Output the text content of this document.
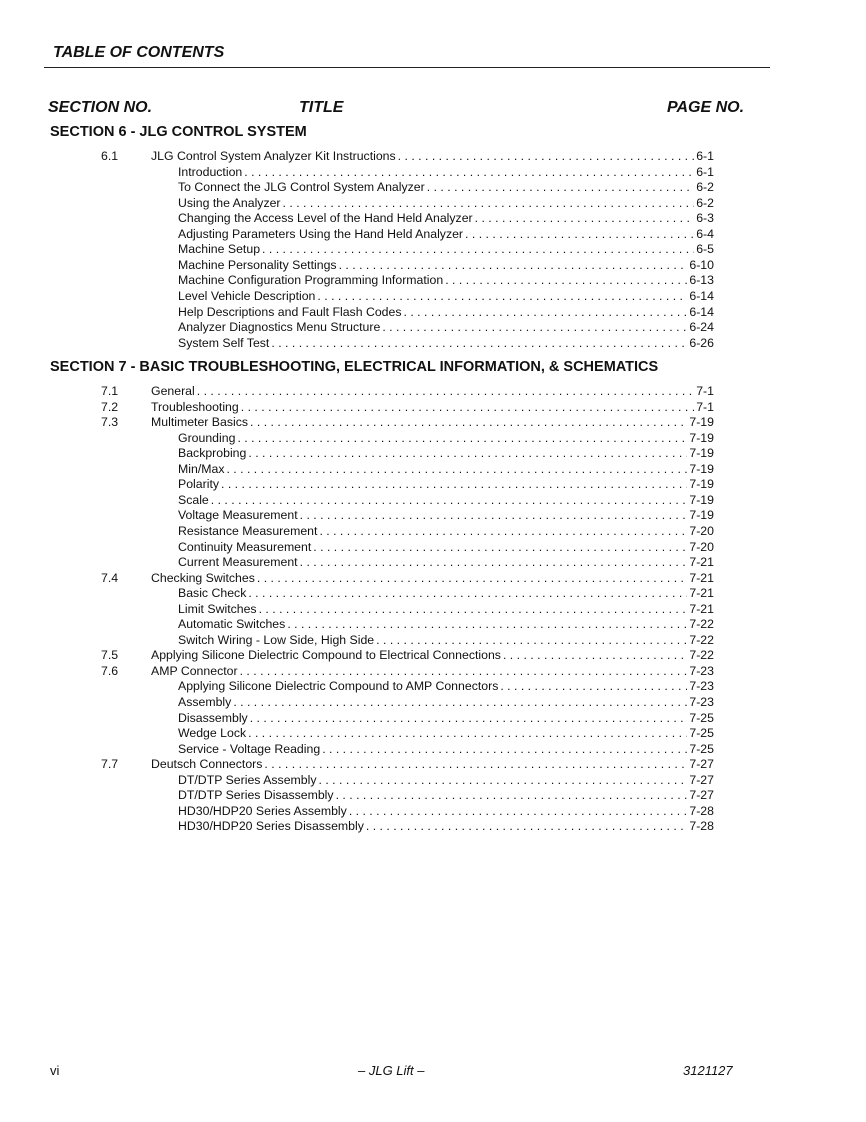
TABLE OF CONTENTS
SECTION NO.	TITLE	PAGE NO.
SECTION 6 - JLG CONTROL SYSTEM
6.1	JLG Control System Analyzer Kit Instructions . . .	6-1
Introduction . . .	6-1
To Connect the JLG Control System Analyzer . . .	6-2
Using the Analyzer . . .	6-2
Changing the Access Level of the Hand Held Analyzer . . .	6-3
Adjusting Parameters Using the Hand Held Analyzer . . .	6-4
Machine Setup . . .	6-5
Machine Personality Settings . . .	6-10
Machine Configuration Programming Information . . .	6-13
Level Vehicle Description . . .	6-14
Help Descriptions and Fault Flash Codes . . .	6-14
Analyzer Diagnostics Menu Structure . . .	6-24
System Self Test . . .	6-26
SECTION 7 - BASIC TROUBLESHOOTING, ELECTRICAL INFORMATION, & SCHEMATICS
7.1	General . . .	7-1
7.2	Troubleshooting . . .	7-1
7.3	Multimeter Basics . . .	7-19
Grounding . . .	7-19
Backprobing . . .	7-19
Min/Max . . .	7-19
Polarity . . .	7-19
Scale . . .	7-19
Voltage Measurement . . .	7-19
Resistance Measurement . . .	7-20
Continuity Measurement . . .	7-20
Current Measurement . . .	7-21
7.4	Checking Switches . . .	7-21
Basic Check . . .	7-21
Limit Switches . . .	7-21
Automatic Switches . . .	7-22
Switch Wiring - Low Side, High Side . . .	7-22
7.5	Applying Silicone Dielectric Compound to Electrical Connections . . .	7-22
7.6	AMP Connector . . .	7-23
Applying Silicone Dielectric Compound to AMP Connectors . . .	7-23
Assembly . . .	7-23
Disassembly . . .	7-25
Wedge Lock . . .	7-25
Service - Voltage Reading . . .	7-25
7.7	Deutsch Connectors . . .	7-27
DT/DTP Series Assembly . . .	7-27
DT/DTP Series Disassembly . . .	7-27
HD30/HDP20 Series Assembly . . .	7-28
HD30/HDP20 Series Disassembly . . .	7-28
vi	– JLG Lift –	3121127
